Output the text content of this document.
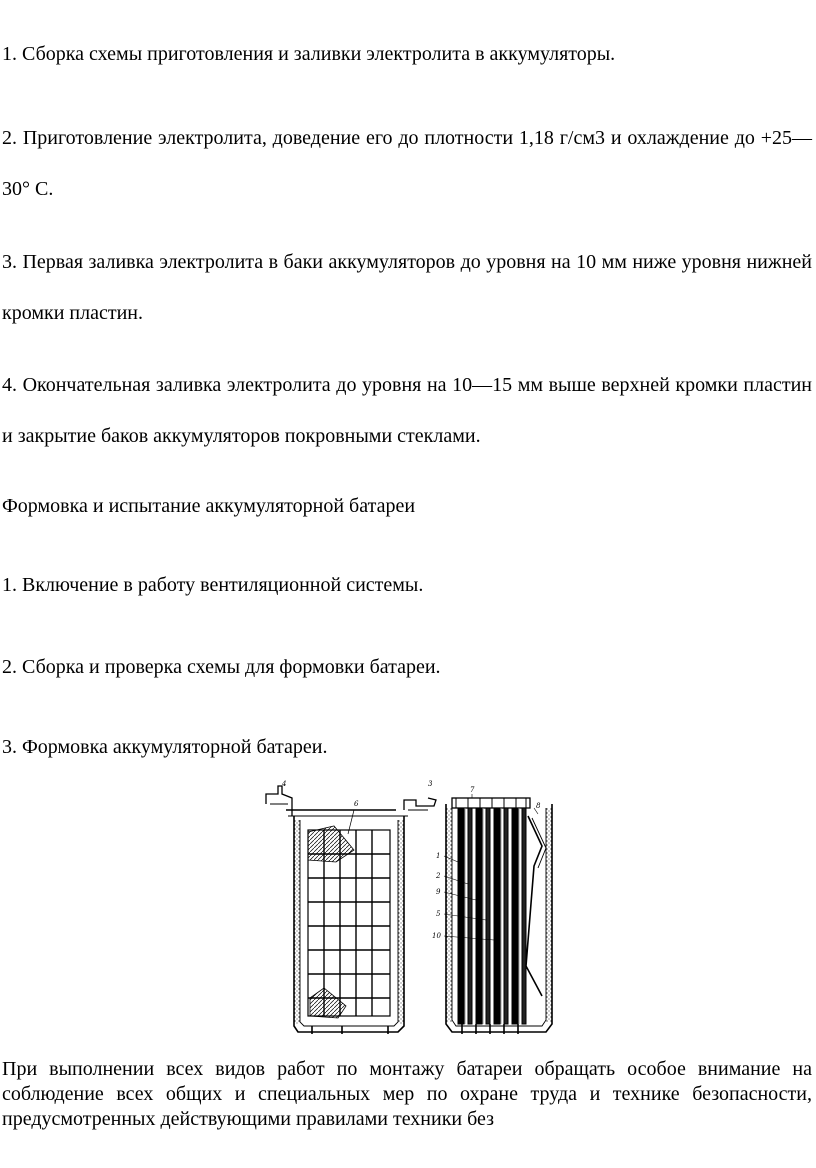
1. Сборка схемы приготовления и заливки электролита в аккумуляторы.

2. Приготовление электролита, доведение его до плотности 1,18 г/см3 и охлаждение до +25—30° С.

3. Первая заливка электролита в баки аккумуляторов до уровня на 10 мм ниже уровня нижней кромки пластин.

4. Окончательная заливка электролита до уровня на 10—15 мм выше верхней кромки пластин и закрытие баков аккумуляторов покровными стеклами.

Формовка и испытание аккумуляторной батареи

1. Включение в работу вентиляционной системы.

2. Сборка и проверка схемы для формовки батареи.

3. Формовка аккумуляторной батареи.

4	3
6
7
8
1
2
9
5
10

При выполнении всех видов работ по монтажу батареи обращать особое внимание на соблюдение всех общих и специальных мер по охране труда и технике безопасности, предусмотренных действующими правилами техники без
